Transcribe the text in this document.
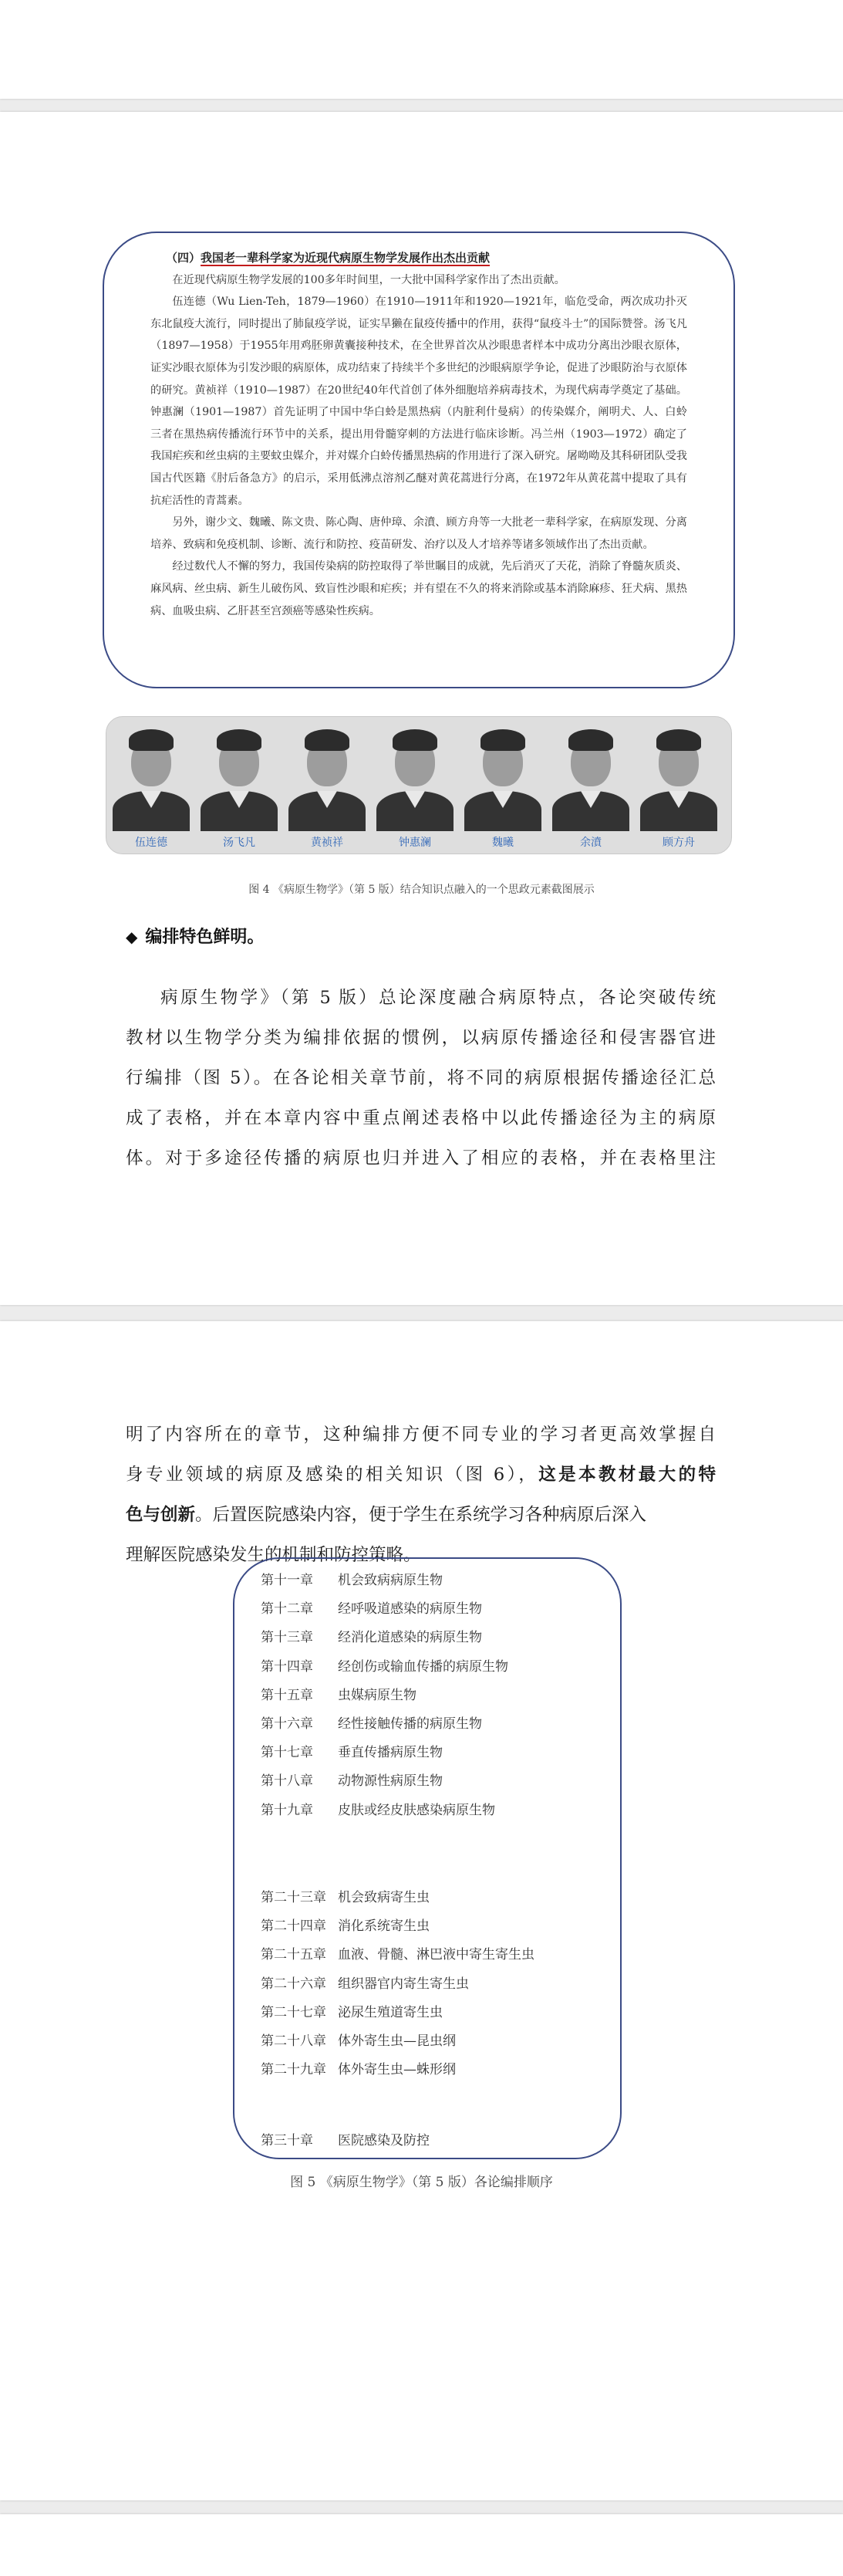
（四）我国老一辈科学家为近现代病原生物学发展作出杰出贡献

在近现代病原生物学发展的100多年时间里，一大批中国科学家作出了杰出贡献。

伍连德（Wu Lien-Teh，1879—1960）在1910—1911年和1920—1921年，临危受命，两次成功扑灭东北鼠疫大流行，同时提出了肺鼠疫学说，证实旱獭在鼠疫传播中的作用，获得“鼠疫斗士”的国际赞誉。汤飞凡（1897—1958）于1955年用鸡胚卵黄囊接种技术，在全世界首次从沙眼患者样本中成功分离出沙眼衣原体，证实沙眼衣原体为引发沙眼的病原体，成功结束了持续半个多世纪的沙眼病原学争论，促进了沙眼防治与衣原体的研究。黄祯祥（1910—1987）在20世纪40年代首创了体外细胞培养病毒技术，为现代病毒学奠定了基础。钟惠澜（1901—1987）首先证明了中国中华白蛉是黑热病（内脏利什曼病）的传染媒介，阐明犬、人、白蛉三者在黑热病传播流行环节中的关系，提出用骨髓穿刺的方法进行临床诊断。冯兰州（1903—1972）确定了我国疟疾和丝虫病的主要蚊虫媒介，并对媒介白蛉传播黑热病的作用进行了深入研究。屠呦呦及其科研团队受我国古代医籍《肘后备急方》的启示，采用低沸点溶剂乙醚对黄花蒿进行分离，在1972年从黄花蒿中提取了具有抗疟活性的青蒿素。

另外，谢少文、魏曦、陈文贵、陈心陶、唐仲璋、余濆、顾方舟等一大批老一辈科学家，在病原发现、分离培养、致病和免疫机制、诊断、流行和防控、疫苗研发、治疗以及人才培养等诸多领域作出了杰出贡献。

经过数代人不懈的努力，我国传染病的防控取得了举世瞩目的成就，先后消灭了天花，消除了脊髓灰质炎、麻风病、丝虫病、新生儿破伤风、致盲性沙眼和疟疾；并有望在不久的将来消除或基本消除麻疹、狂犬病、黑热病、血吸虫病、乙肝甚至宫颈癌等感染性疾病。

伍连德	汤飞凡	黄祯祥	钟惠澜	魏曦	余濆	顾方舟
图 4 《病原生物学》（第 5 版）结合知识点融入的一个思政元素截图展示
◆ 编排特色鲜明。

病原生物学》（第 5 版）总论深度融合病原特点，各论突破传统

教材以生物学分类为编排依据的惯例，以病原传播途径和侵害器官进

行编排（图 5）。在各论相关章节前，将不同的病原根据传播途径汇总

成了表格，并在本章内容中重点阐述表格中以此传播途径为主的病原

体。对于多途径传播的病原也归并进入了相应的表格，并在表格里注

明了内容所在的章节，这种编排方便不同专业的学习者更高效掌握自

身专业领域的病原及感染的相关知识（图 6），这是本教材最大的特

色与创新。后置医院感染内容，便于学生在系统学习各种病原后深入

理解医院感染发生的机制和防控策略。

第十一章 机会致病病原生物
第十二章 经呼吸道感染的病原生物
第十三章 经消化道感染的病原生物
第十四章 经创伤或输血传播的病原生物
第十五章 虫媒病原生物
第十六章 经性接触传播的病原生物
第十七章 垂直传播病原生物
第十八章 动物源性病原生物
第十九章 皮肤或经皮肤感染病原生物
第二十三章 机会致病寄生虫
第二十四章 消化系统寄生虫
第二十五章 血液、骨髓、淋巴液中寄生寄生虫
第二十六章 组织器官内寄生寄生虫
第二十七章 泌尿生殖道寄生虫
第二十八章 体外寄生虫—昆虫纲
第二十九章 体外寄生虫—蛛形纲
第三十章 医院感染及防控
图 5 《病原生物学》（第 5 版）各论编排顺序
